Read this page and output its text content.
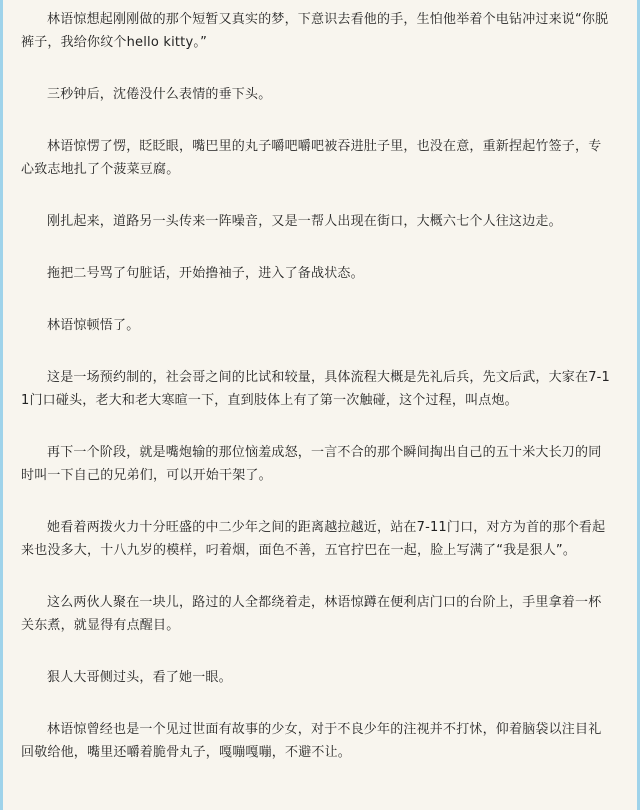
林语惊想起刚刚做的那个短暂又真实的梦，下意识去看他的手，生怕他举着个电钻冲过来说“你脱裤子，我给你纹个hello kitty。”

三秒钟后，沈倦没什么表情的垂下头。

林语惊愣了愣，眨眨眼，嘴巴里的丸子嚼吧嚼吧被吞进肚子里，也没在意，重新捏起竹签子，专心致志地扎了个菠菜豆腐。

刚扎起来，道路另一头传来一阵噪音，又是一帮人出现在街口，大概六七个人往这边走。

拖把二号骂了句脏话，开始撸袖子，进入了备战状态。

林语惊顿悟了。

这是一场预约制的，社会哥之间的比试和较量，具体流程大概是先礼后兵，先文后武，大家在7-11门口碰头，老大和老大寒暄一下，直到肢体上有了第一次触碰，这个过程，叫点炮。

再下一个阶段，就是嘴炮输的那位恼羞成怒，一言不合的那个瞬间掏出自己的五十米大长刀的同时叫一下自己的兄弟们，可以开始干架了。

她看着两拨火力十分旺盛的中二少年之间的距离越拉越近，站在7-11门口，对方为首的那个看起来也没多大，十八九岁的模样，叼着烟，面色不善，五官拧巴在一起，脸上写满了“我是狠人”。

这么两伙人聚在一块儿，路过的人全都绕着走，林语惊蹲在便利店门口的台阶上，手里拿着一杯关东煮，就显得有点醒目。

狠人大哥侧过头，看了她一眼。

林语惊曾经也是一个见过世面有故事的少女，对于不良少年的注视并不打怵，仰着脑袋以注目礼回敬给他，嘴里还嚼着脆骨丸子，嘎嘣嘎嘣，不避不让。
